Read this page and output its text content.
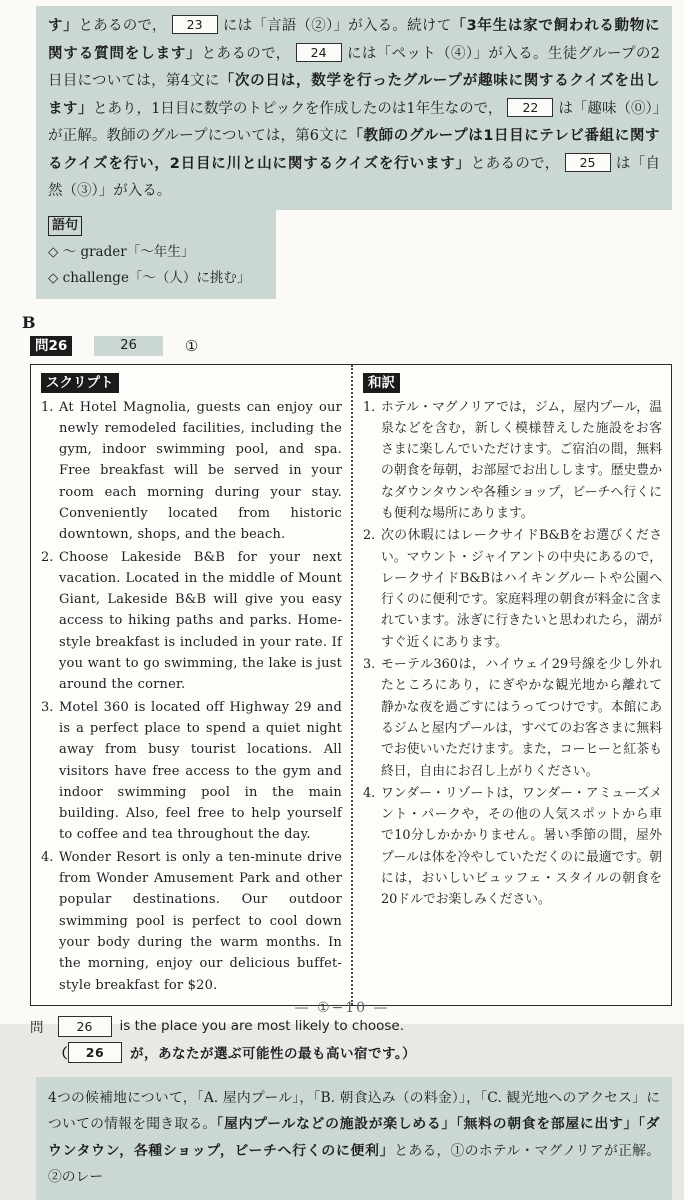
す」とあるので， 23 には「言語（②）」が入る。続けて「3年生は家で飼われる動物に関する質問をします」とあるので， 24 には「ペット（④）」が入る。生徒グループの2日目については，第4文に「次の日は，数学を行ったグループが趣味に関するクイズを出します」とあり，1日目に数学のトピックを作成したのは1年生なので， 22 は「趣味（⓪）」が正解。教師のグループについては，第6文に「教師のグループは1日目にテレビ番組に関するクイズを行い，2日目に川と山に関するクイズを行います」とあるので， 25 は「自然（③）」が入る。
語句
◇ ～ grader「～年生」
◇ challenge「～（人）に挑む」
B
問26	26	①
スクリプト
1. At Hotel Magnolia, guests can enjoy our newly remodeled facilities, including the gym, indoor swimming pool, and spa. Free breakfast will be served in your room each morning during your stay. Conveniently located from historic downtown, shops, and the beach.
2. Choose Lakeside B&B for your next vacation. Located in the middle of Mount Giant, Lakeside B&B will give you easy access to hiking paths and parks. Home-style breakfast is included in your rate. If you want to go swimming, the lake is just around the corner.
3. Motel 360 is located off Highway 29 and is a perfect place to spend a quiet night away from busy tourist locations. All visitors have free access to the gym and indoor swimming pool in the main building. Also, feel free to help yourself to coffee and tea throughout the day.
4. Wonder Resort is only a ten-minute drive from Wonder Amusement Park and other popular destinations. Our outdoor swimming pool is perfect to cool down your body during the warm months. In the morning, enjoy our delicious buffet-style breakfast for $20.
和訳
1. ホテル・マグノリアでは，ジム，屋内プール，温泉などを含む，新しく模様替えした施設をお客さまに楽しんでいただけます。ご宿泊の間，無料の朝食を毎朝，お部屋でお出しします。歴史豊かなダウンタウンや各種ショップ，ビーチへ行くにも便利な場所にあります。
2. 次の休暇にはレークサイドB&Bをお選びください。マウント・ジャイアントの中央にあるので，レークサイドB&Bはハイキングルートや公園へ行くのに便利です。家庭料理の朝食が料金に含まれています。泳ぎに行きたいと思われたら，湖がすぐ近くにあります。
3. モーテル360は，ハイウェイ29号線を少し外れたところにあり，にぎやかな観光地から離れて静かな夜を過ごすにはうってつけです。本館にあるジムと屋内プールは，すべてのお客さまに無料でお使いいただけます。また，コーヒーと紅茶も終日，自由にお召し上がりください。
4. ワンダー・リゾートは，ワンダー・アミューズメント・パークや，その他の人気スポットから車で10分しかかかりません。暑い季節の間，屋外プールは体を冷やしていただくのに最適です。朝には，おいしいビュッフェ・スタイルの朝食を20ドルでお楽しみください。
問	26	is the place you are most likely to choose.
（	26	が，あなたが選ぶ可能性の最も高い宿です。）
4つの候補地について，「A. 屋内プール」，「B. 朝食込み（の料金）」，「C. 観光地へのアクセス」についての情報を聞き取る。「屋内プールなどの施設が楽しめる」「無料の朝食を部屋に出す」「ダウンタウン，各種ショップ，ビーチへ行くのに便利」とある，①のホテル・マグノリアが正解。②のレー
— ①−10 —
